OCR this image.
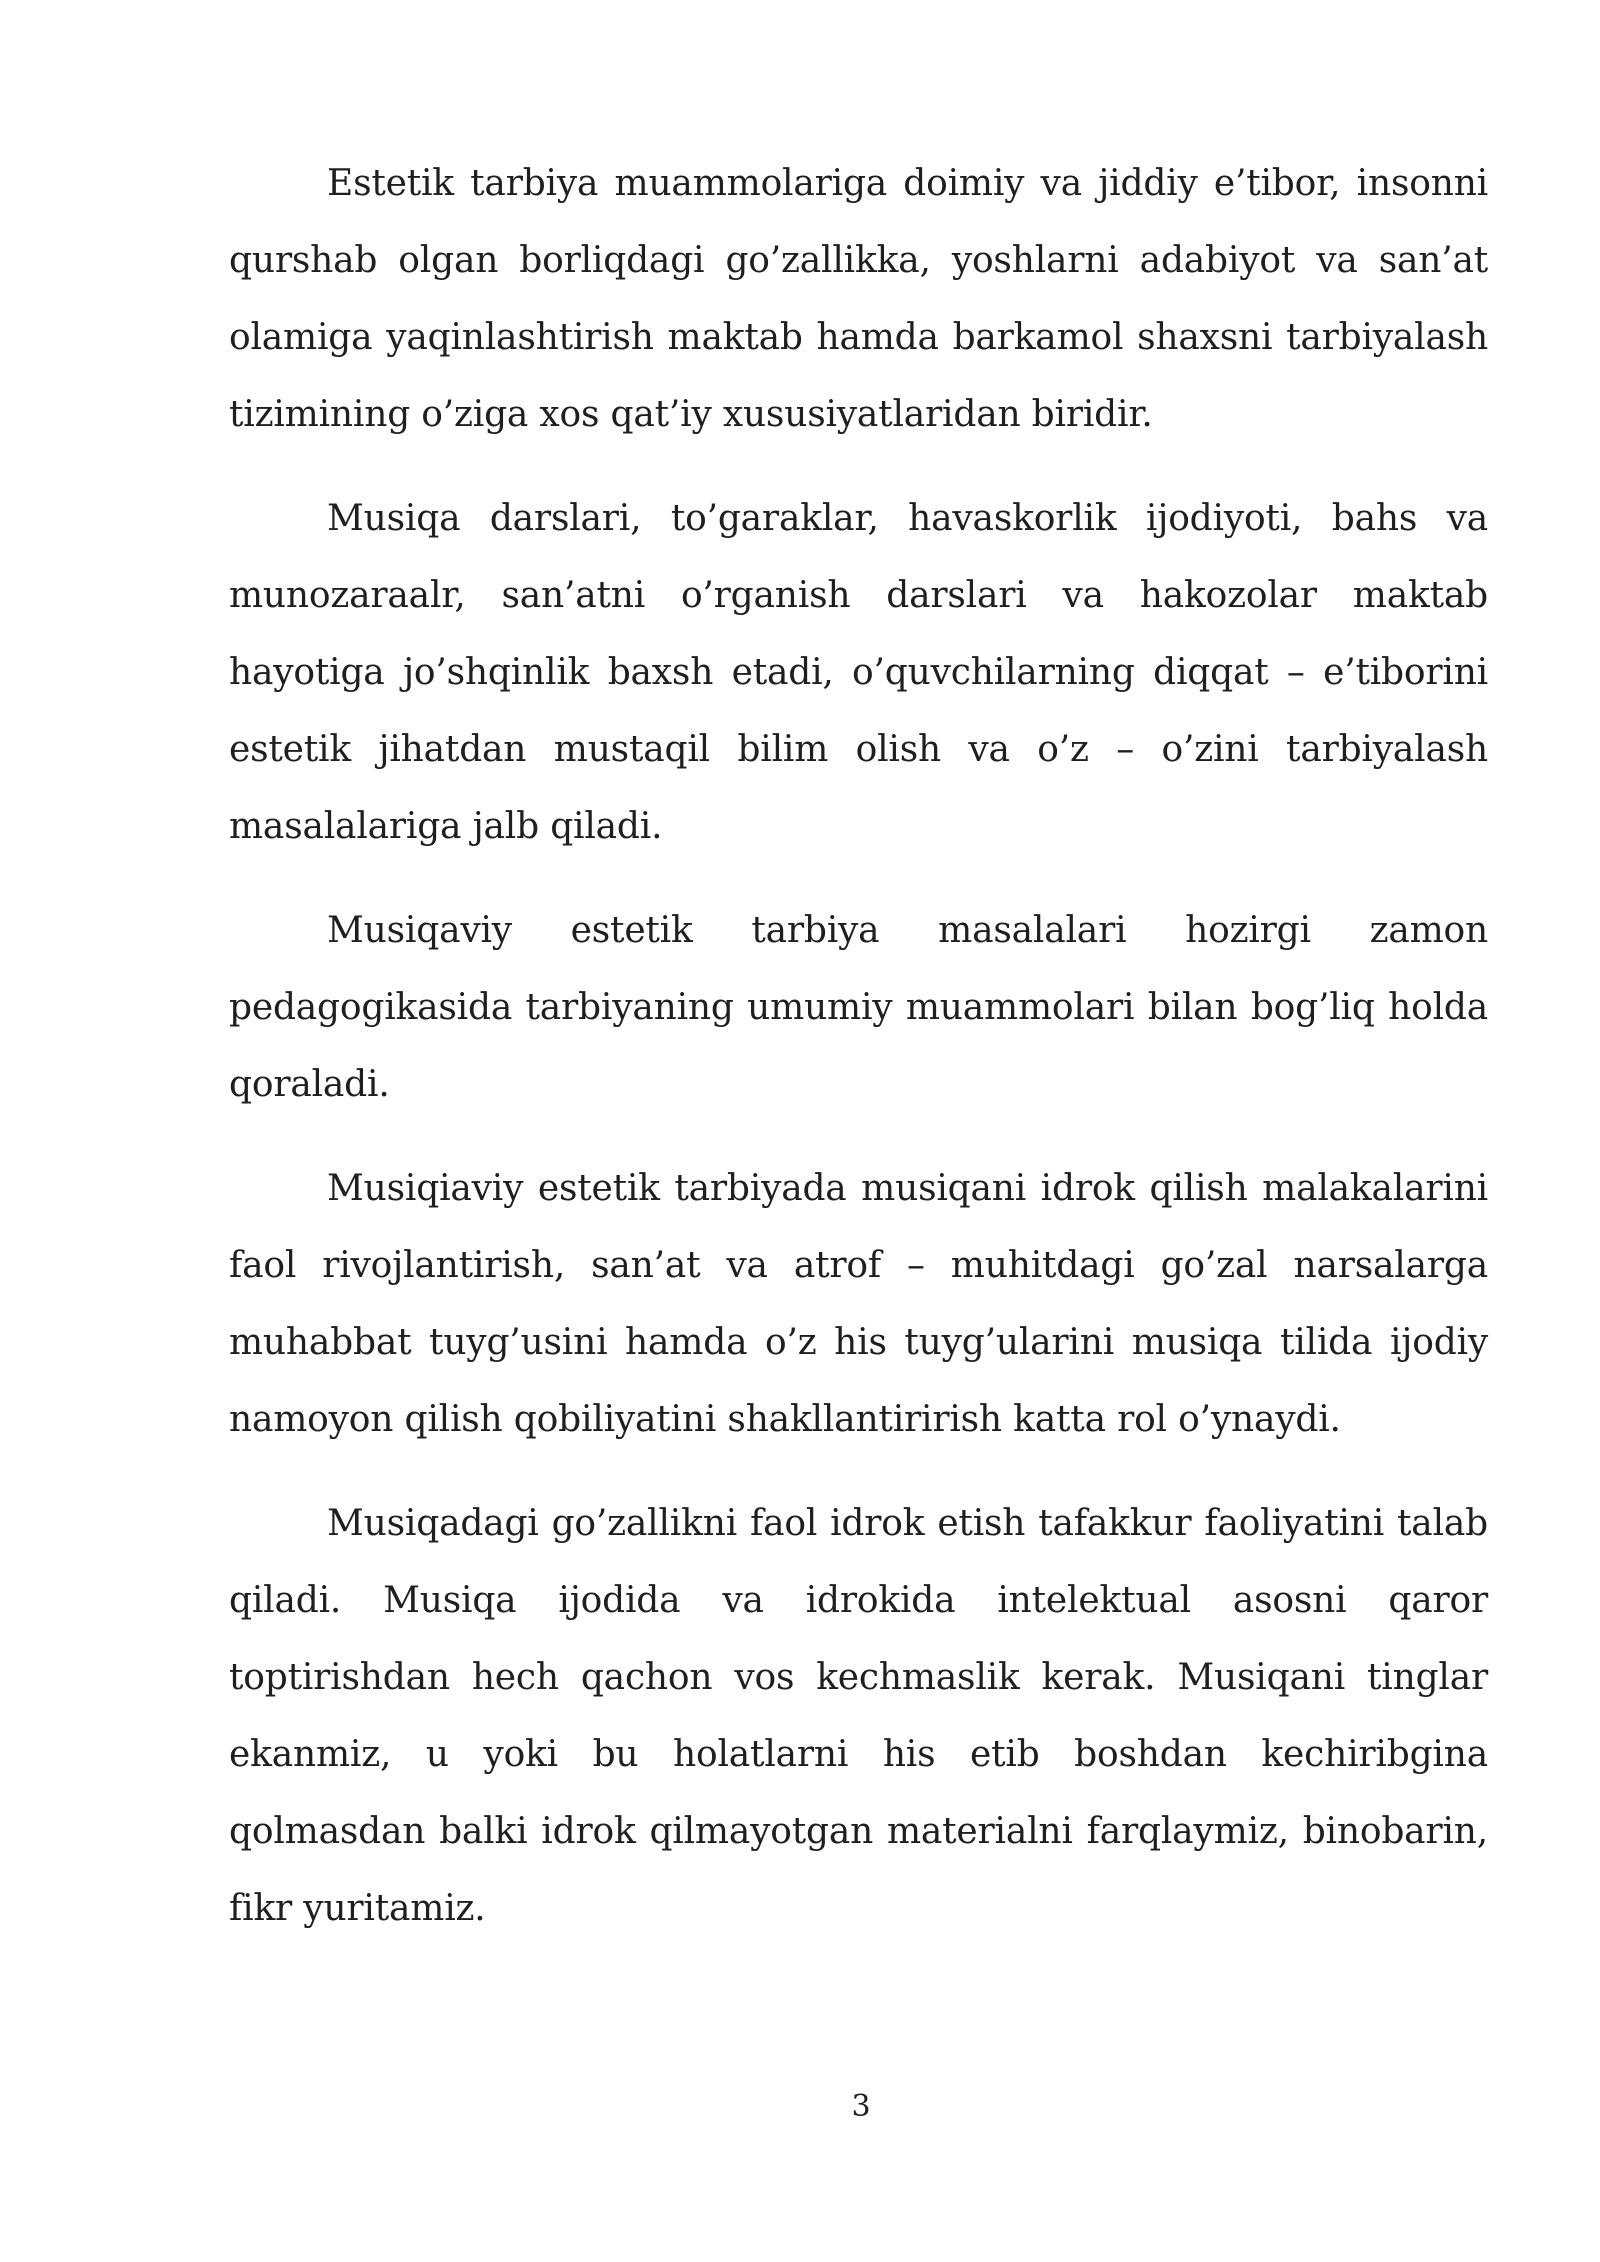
Estetik tarbiya muammolariga doimiy va jiddiy e’tibor, insonni qurshab olgan borliqdagi go’zallikka, yoshlarni adabiyot va san’at olamiga yaqinlashtirish maktab hamda barkamol shaxsni tarbiyalash tizimining o’ziga xos qat’iy xususiyatlaridan biridir.

Musiqa darslari, to’garaklar, havaskorlik ijodiyoti, bahs va munozaraalr, san’atni o’rganish darslari va hakozolar maktab hayotiga jo’shqinlik baxsh etadi, o’quvchilarning diqqat – e’tiborini estetik jihatdan mustaqil bilim olish va o’z – o’zini tarbiyalash masalalariga jalb qiladi.

Musiqaviy estetik tarbiya masalalari hozirgi zamon pedagogikasida tarbiyaning umumiy muammolari bilan bog’liq holda qoraladi.

Musiqiaviy estetik tarbiyada musiqani idrok qilish malakalarini faol rivojlantirish, san’at va atrof – muhitdagi go’zal narsalarga muhabbat tuyg’usini hamda o’z his tuyg’ularini musiqa tilida ijodiy namoyon qilish qobiliyatini shakllantirirish katta rol o’ynaydi.

Musiqadagi go’zallikni faol idrok etish tafakkur faoliyatini talab qiladi. Musiqa ijodida va idrokida intelektual asosni qaror toptirishdan hech qachon vos kechmaslik kerak. Musiqani tinglar ekanmiz, u yoki bu holatlarni his etib boshdan kechiribgina qolmasdan balki idrok qilmayotgan materialni farqlaymiz, binobarin, fikr yuritamiz.

3
